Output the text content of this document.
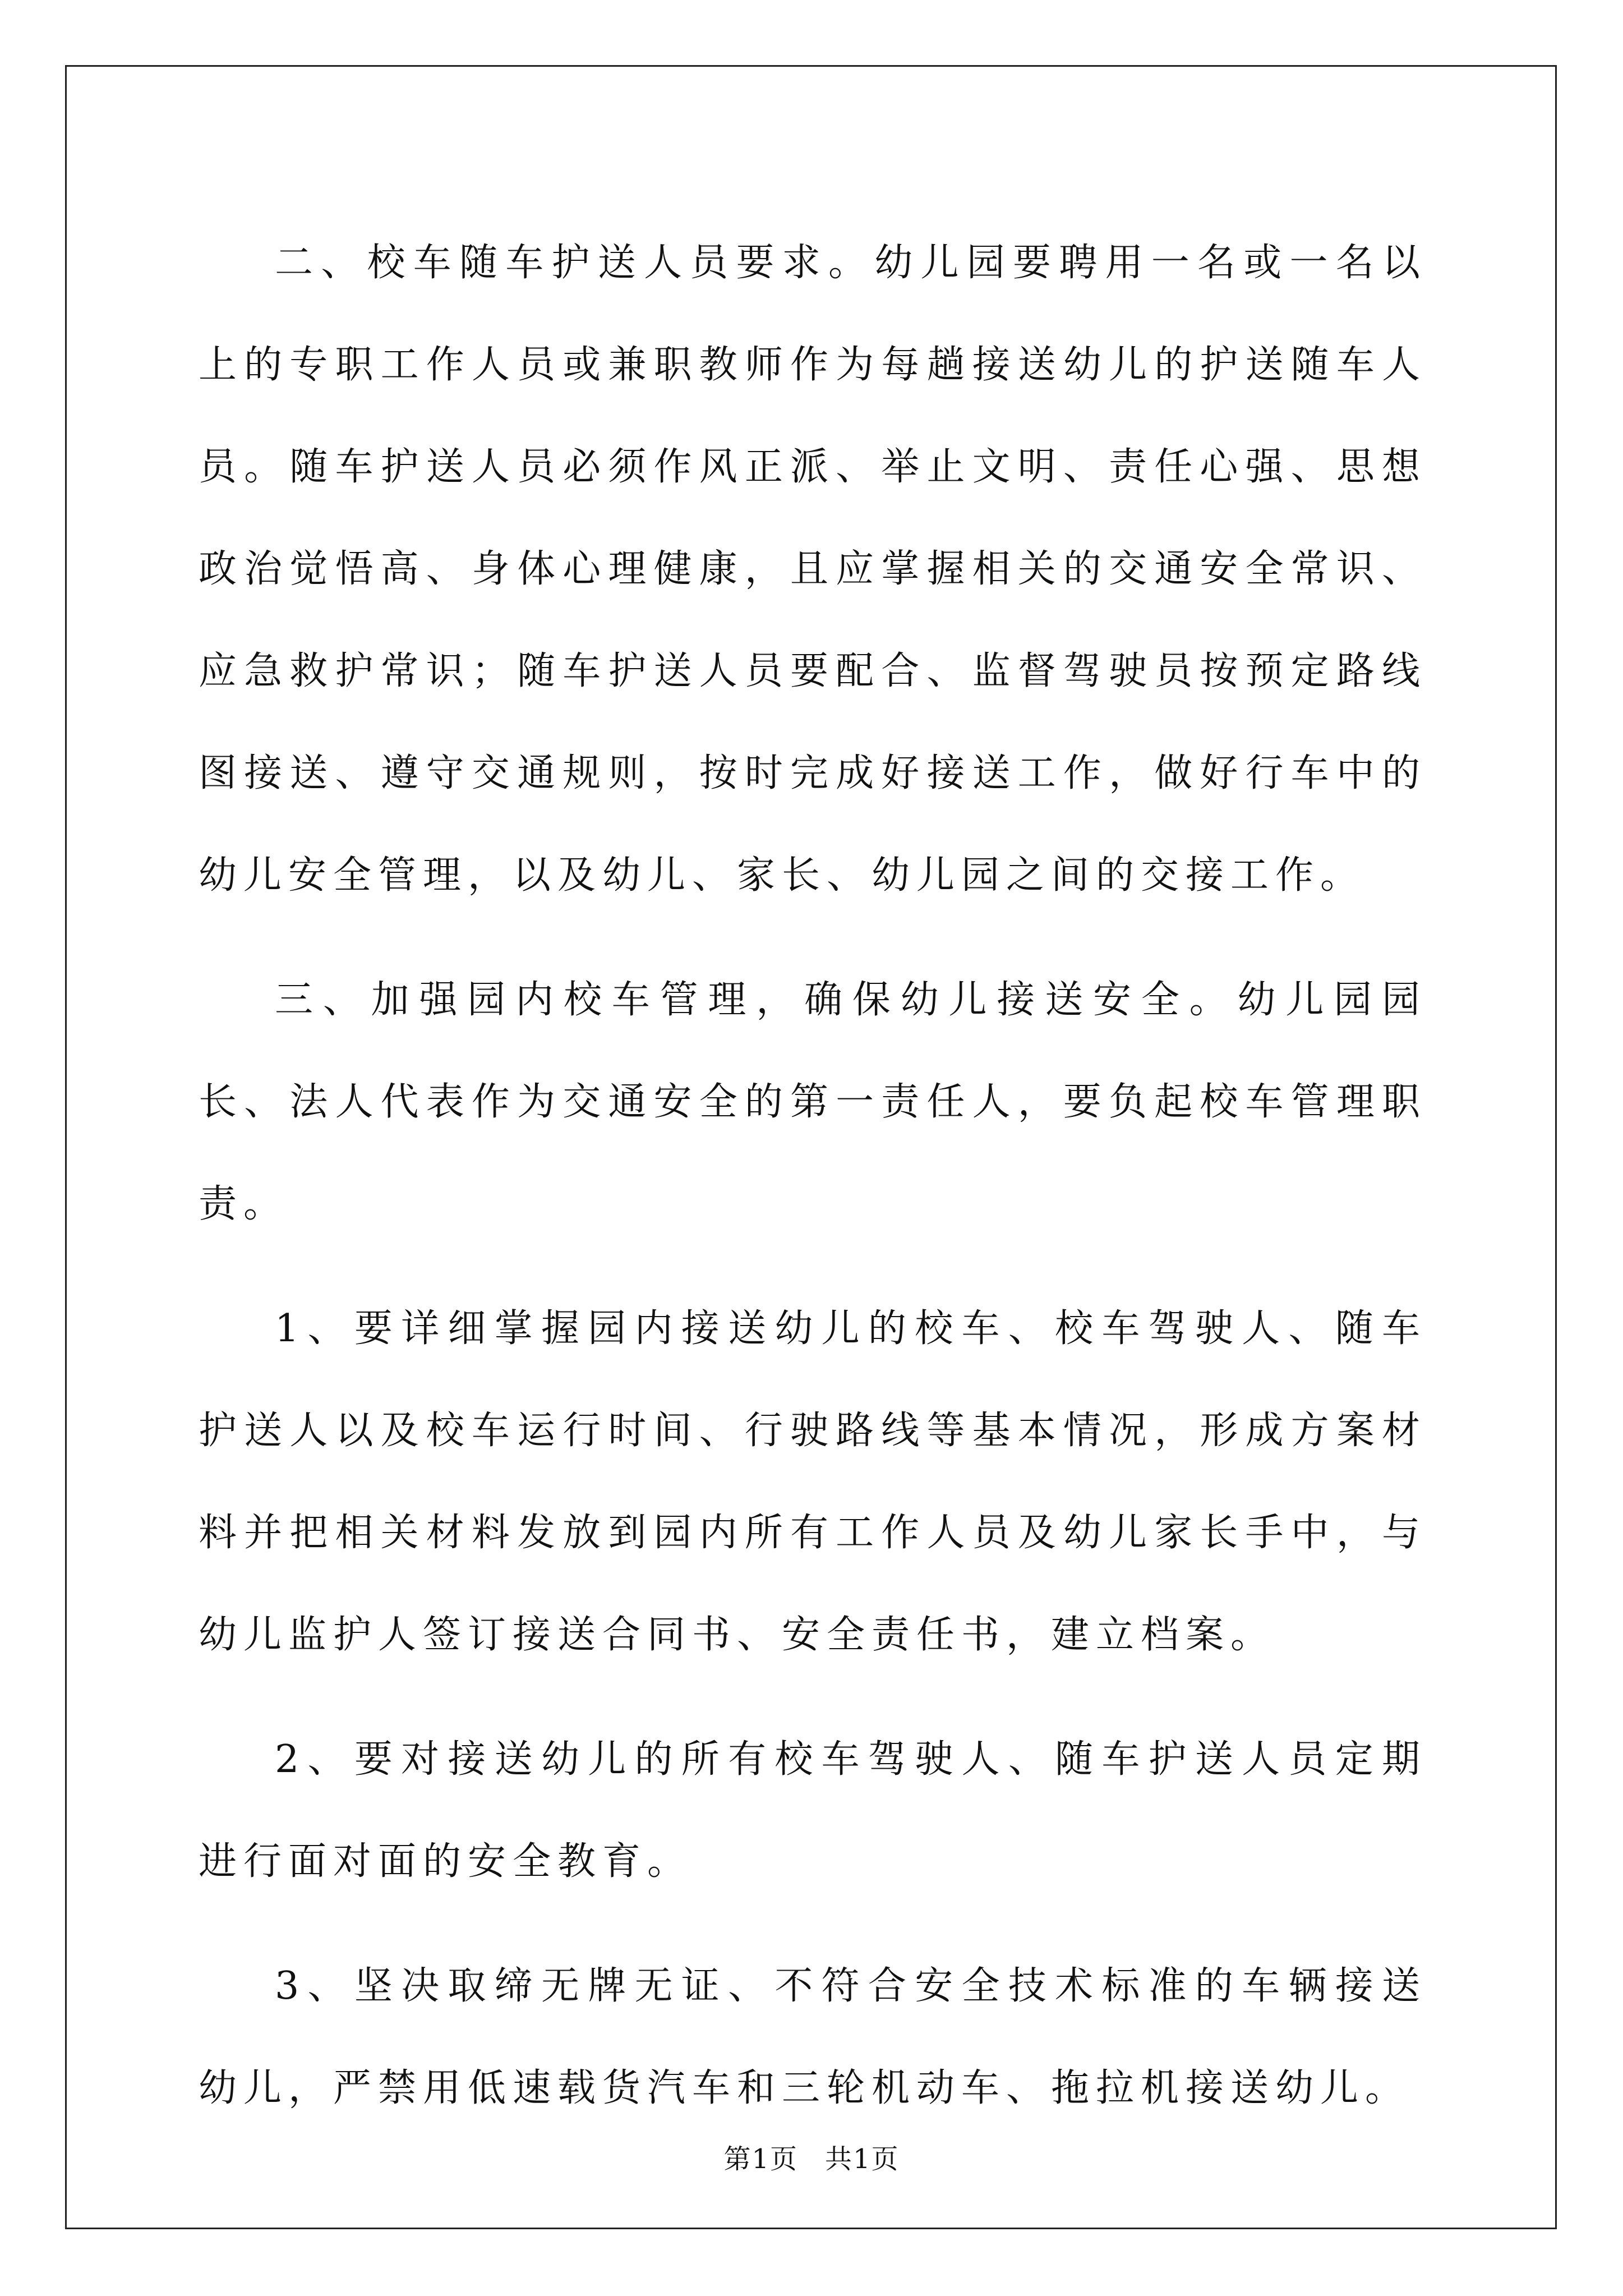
二、校车随车护送人员要求。幼儿园要聘用一名或一名以上的专职工作人员或兼职教师作为每趟接送幼儿的护送随车人员。随车护送人员必须作风正派、举止文明、责任心强、思想政治觉悟高、身体心理健康，且应掌握相关的交通安全常识、应急救护常识；随车护送人员要配合、监督驾驶员按预定路线图接送、遵守交通规则，按时完成好接送工作，做好行车中的幼儿安全管理，以及幼儿、家长、幼儿园之间的交接工作。

三、加强园内校车管理，确保幼儿接送安全。幼儿园园长、法人代表作为交通安全的第一责任人，要负起校车管理职责。

1、要详细掌握园内接送幼儿的校车、校车驾驶人、随车护送人以及校车运行时间、行驶路线等基本情况，形成方案材料并把相关材料发放到园内所有工作人员及幼儿家长手中，与幼儿监护人签订接送合同书、安全责任书，建立档案。

2、要对接送幼儿的所有校车驾驶人、随车护送人员定期进行面对面的安全教育。

3、坚决取缔无牌无证、不符合安全技术标准的车辆接送幼儿，严禁用低速载货汽车和三轮机动车、拖拉机接送幼儿。

第1页 共1页
